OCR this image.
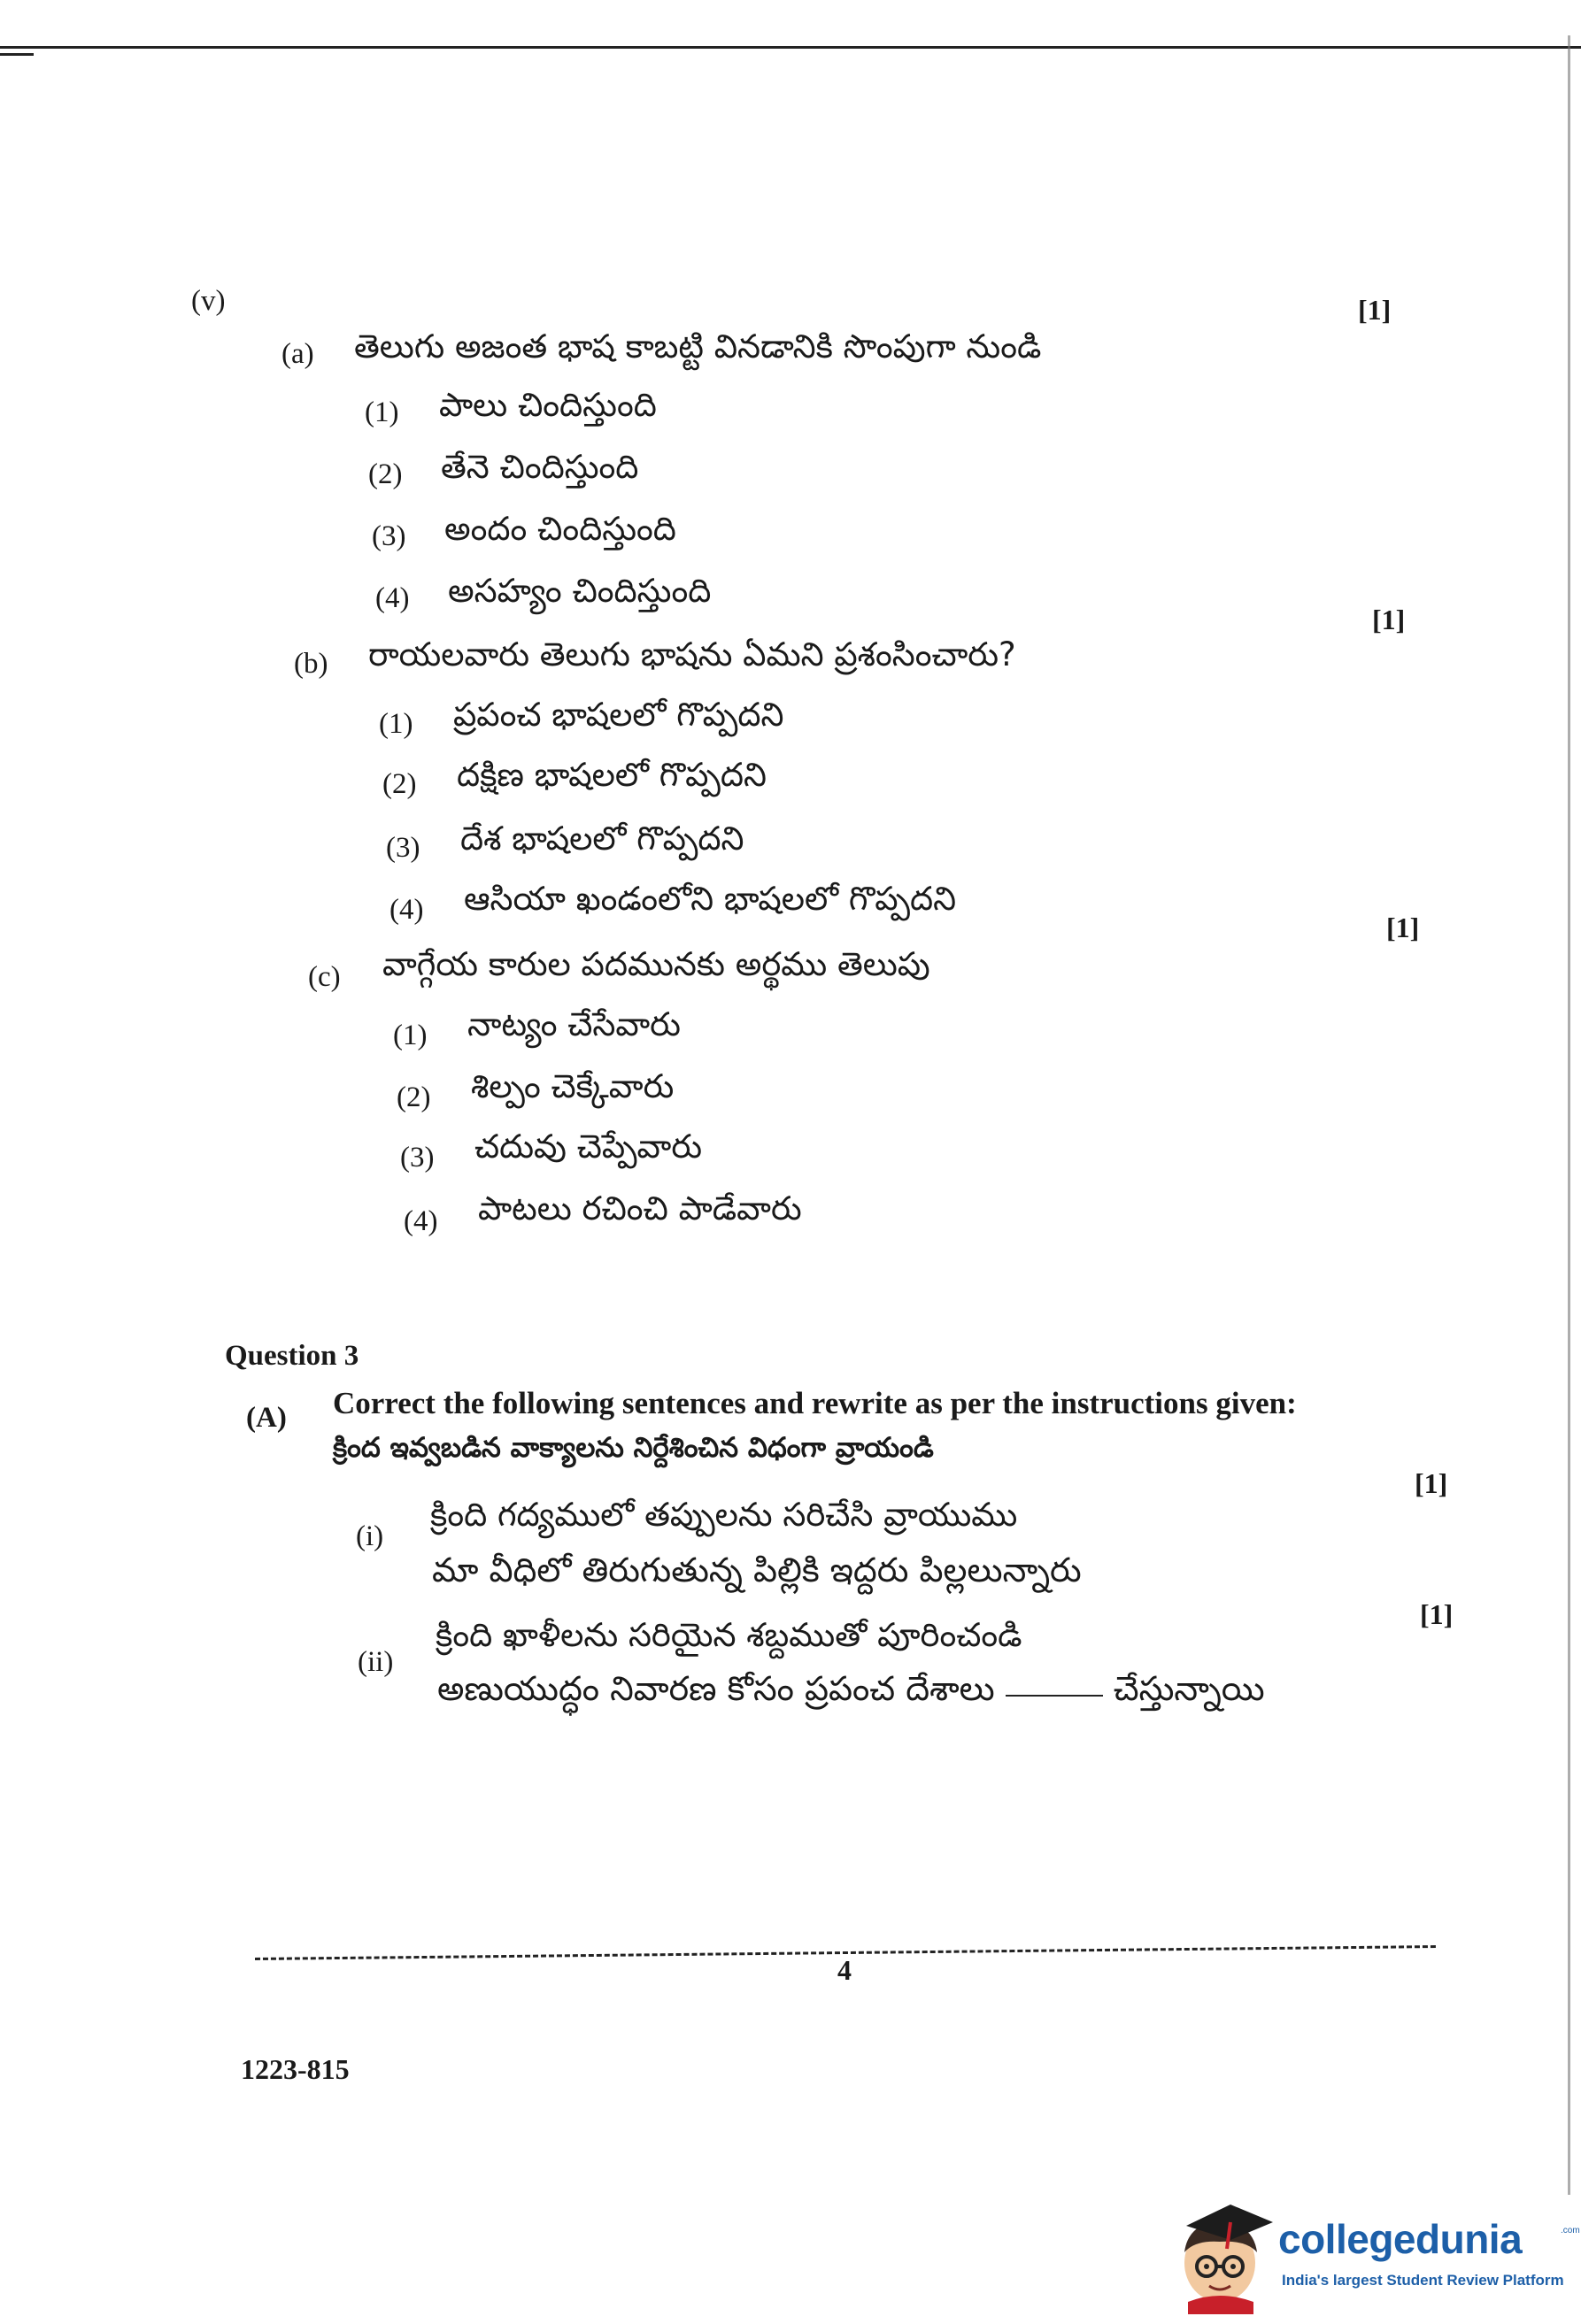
(v)
(a) తెలుగు అజంత భాష కాబట్టి వినడానికి సొంపుగా నుండి
[1]
(1) పాలు చిందిస్తుంది
(2) తేనె చిందిస్తుంది
(3) అందం చిందిస్తుంది
(4) అసహ్యం చిందిస్తుంది
(b) రాయలవారు తెలుగు భాషను ఏమని ప్రశంసించారు?
[1]
(1) ప్రపంచ భాషలలో గొప్పదని
(2) దక్షిణ భాషలలో గొప్పదని
(3) దేశ భాషలలో గొప్పదని
(4) ఆసియా ఖండంలోని భాషలలో గొప్పదని
(c) వాగ్గేయ కారుల పదమునకు అర్థము తెలుపు
[1]
(1) నాట్యం చేసేవారు
(2) శిల్పం చెక్కేవారు
(3) చదువు చెప్పేవారు
(4) పాటలు రచించి పాడేవారు
Question 3
(A) Correct the following sentences and rewrite as per the instructions given:
క్రింద ఇవ్వబడిన వాక్యాలను నిర్దేశించిన విధంగా వ్రాయండి
[1]
(i)
క్రింది గద్యములో తప్పులను సరిచేసి వ్రాయుము
మా వీధిలో తిరుగుతున్న పిల్లికి ఇద్దరు పిల్లలున్నారు
[1]
(ii)
క్రింది ఖాళీలను సరియైన శబ్దముతో పూరించండి
అణుయుద్ధం నివారణ కోసం ప్రపంచ దేశాలు	చేస్తున్నాయి
4
1223-815
collegedunia	.com
India's largest Student Review Platform
